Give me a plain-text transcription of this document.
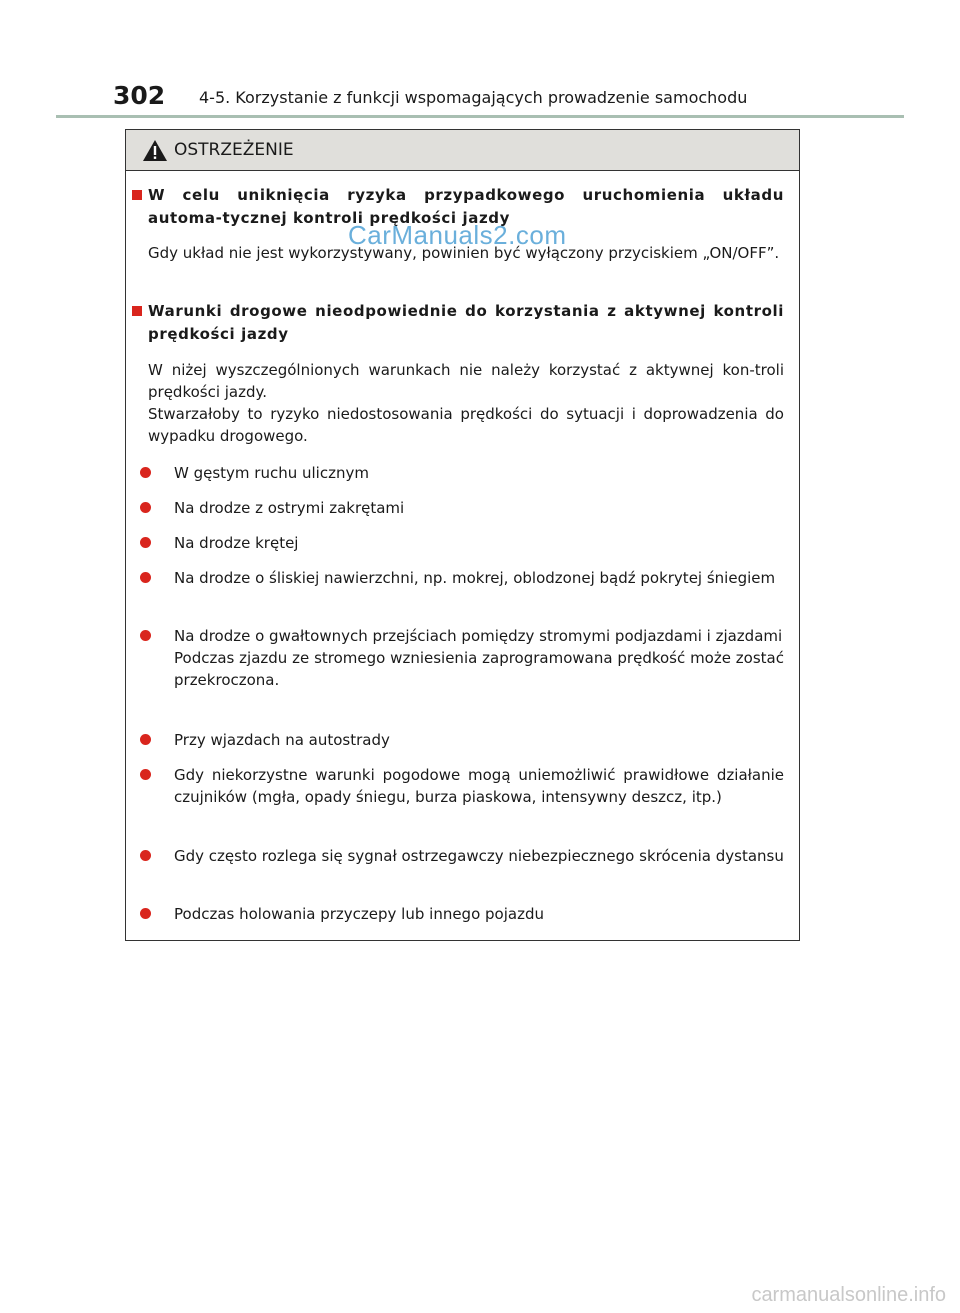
302 4-5. Korzystanie z funkcji wspomagających prowadzenie samochodu
OSTRZEŻENIE
W celu uniknięcia ryzyka przypadkowego uruchomienia układu automa-tycznej kontroli prędkości jazdy
Gdy układ nie jest wykorzystywany, powinien być wyłączony przyciskiem „ON/OFF”.
Warunki drogowe nieodpowiednie do korzystania z aktywnej kontroli prędkości jazdy
W niżej wyszczególnionych warunkach nie należy korzystać z aktywnej kon-troli prędkości jazdy.
Stwarzałoby to ryzyko niedostosowania prędkości do sytuacji i doprowadzenia do wypadku drogowego.
W gęstym ruchu ulicznym
Na drodze z ostrymi zakrętami
Na drodze krętej
Na drodze o śliskiej nawierzchni, np. mokrej, oblodzonej bądź pokrytej śniegiem
Na drodze o gwałtownych przejściach pomiędzy stromymi podjazdami i zjazdami
Podczas zjazdu ze stromego wzniesienia zaprogramowana prędkość może zostać przekroczona.
Przy wjazdach na autostrady
Gdy niekorzystne warunki pogodowe mogą uniemożliwić prawidłowe działanie czujników (mgła, opady śniegu, burza piaskowa, intensywny deszcz, itp.)
Gdy często rozlega się sygnał ostrzegawczy niebezpiecznego skrócenia dystansu
Podczas holowania przyczepy lub innego pojazdu
CarManuals2.com
carmanualsonline.info
